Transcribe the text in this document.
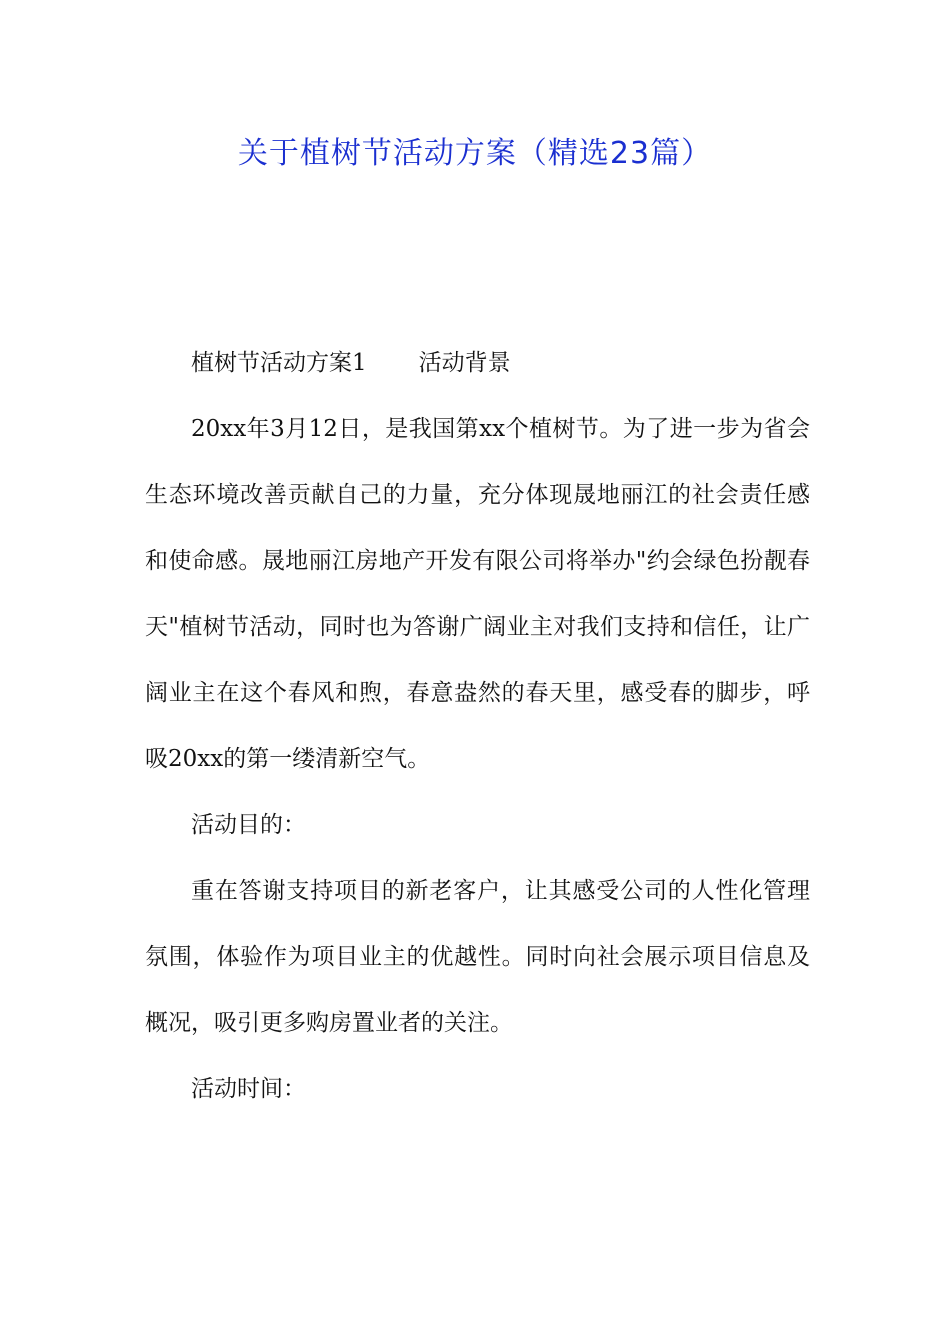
关于植树节活动方案（精选23篇）

植树节活动方案1 活动背景

20xx年3月12日，是我国第xx个植树节。为了进一步为省会生态环境改善贡献自己的力量，充分体现晟地丽江的社会责任感和使命感。晟地丽江房地产开发有限公司将举办"约会绿色扮靓春天"植树节活动，同时也为答谢广阔业主对我们支持和信任，让广阔业主在这个春风和煦，春意盎然的春天里，感受春的脚步，呼吸20xx的第一缕清新空气。

活动目的：

重在答谢支持项目的新老客户，让其感受公司的人性化管理氛围，体验作为项目业主的优越性。同时向社会展示项目信息及概况，吸引更多购房置业者的关注。

活动时间：
